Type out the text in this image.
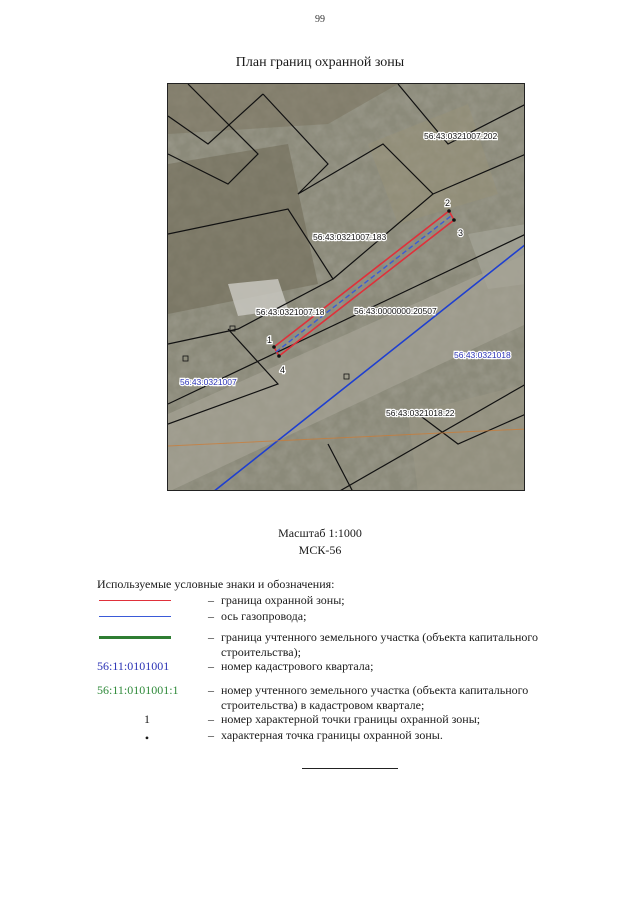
99
План границ охранной зоны
56:43:0321007:202
56:43:0321007:183
56:43:0321007:18	56:43:0000000:20507
56:43:0321018:22
56:43:0321018
56:43:0321007
1
2
3
4
Масштаб 1:1000
МСК-56
Используемые условные знаки и обозначения:
– граница охранной зоны;
– ось газопровода;
– граница учтенного земельного участка (объекта капитального строительства);
56:11:0101001	– номер кадастрового квартала;
56:11:0101001:1	– номер учтенного земельного участка (объекта капитального строительства) в кадастровом квартале;
1	– номер характерной точки границы охранной зоны;
•	– характерная точка границы охранной зоны.
